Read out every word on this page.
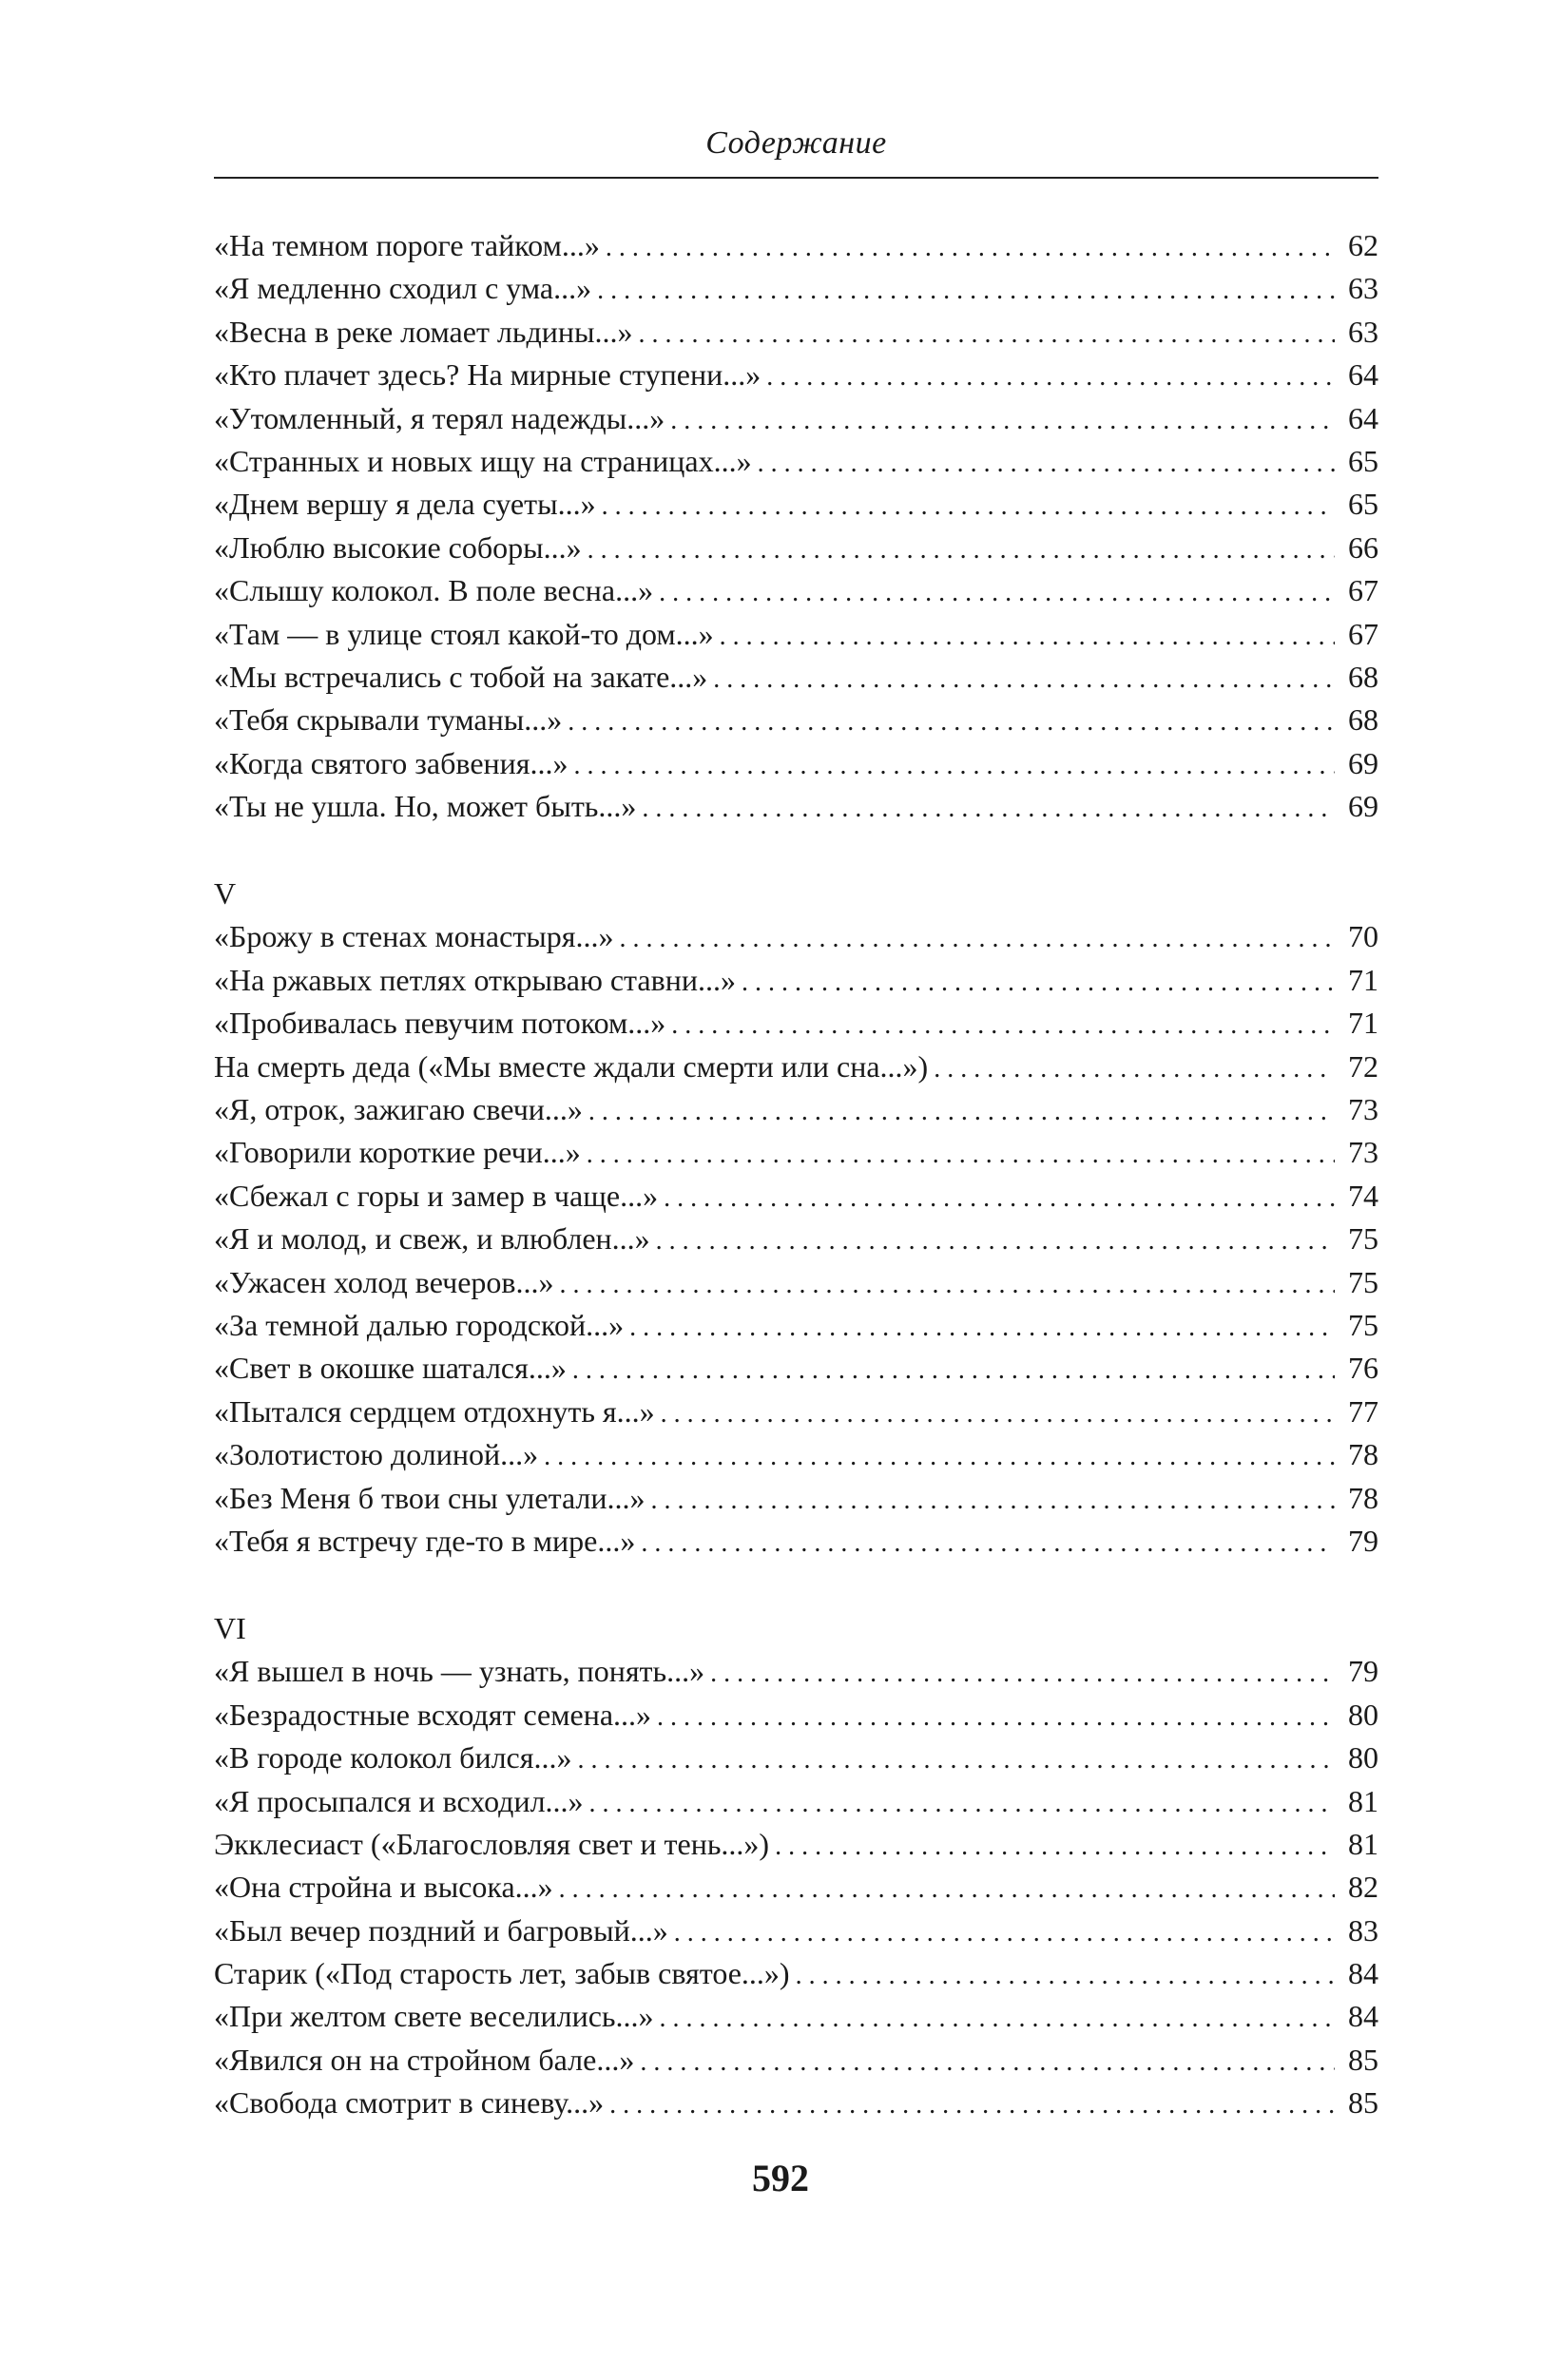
Содержание
«На темном пороге тайком...» . . .	62
«Я медленно сходил с ума...» . . .	63
«Весна в реке ломает льдины...» . . .	63
«Кто плачет здесь? На мирные ступени...» . . .	64
«Утомленный, я терял надежды...» . . .	64
«Странных и новых ищу на страницах...» . . .	65
«Днем вершу я дела суеты...» . . .	65
«Люблю высокие соборы...» . . .	66
«Слышу колокол. В поле весна...» . . .	67
«Там — в улице стоял какой-то дом...» . . .	67
«Мы встречались с тобой на закате...» . . .	68
«Тебя скрывали туманы...» . . .	68
«Когда святого забвения...» . . .	69
«Ты не ушла. Но, может быть...» . . .	69
V
«Брожу в стенах монастыря...» . . .	70
«На ржавых петлях открываю ставни...» . . .	71
«Пробивалась певучим потоком...» . . .	71
На смерть деда («Мы вместе ждали смерти или сна...») . . .	72
«Я, отрок, зажигаю свечи...» . . .	73
«Говорили короткие речи...» . . .	73
«Сбежал с горы и замер в чаще...» . . .	74
«Я и молод, и свеж, и влюблен...» . . .	75
«Ужасен холод вечеров...» . . .	75
«За темной далью городской...» . . .	75
«Свет в окошке шатался...» . . .	76
«Пытался сердцем отдохнуть я...» . . .	77
«Золотистою долиной...» . . .	78
«Без Меня б твои сны улетали...» . . .	78
«Тебя я встречу где-то в мире...» . . .	79
VI
«Я вышел в ночь — узнать, понять...» . . .	79
«Безрадостные всходят семена...» . . .	80
«В городе колокол бился...» . . .	80
«Я просыпался и всходил...» . . .	81
Экклесиаст («Благословляя свет и тень...») . . .	81
«Она стройна и высока...» . . .	82
«Был вечер поздний и багровый...» . . .	83
Старик («Под старость лет, забыв святое...») . . .	84
«При желтом свете веселились...» . . .	84
«Явился он на стройном бале...» . . .	85
«Свобода смотрит в синеву...» . . .	85
592
